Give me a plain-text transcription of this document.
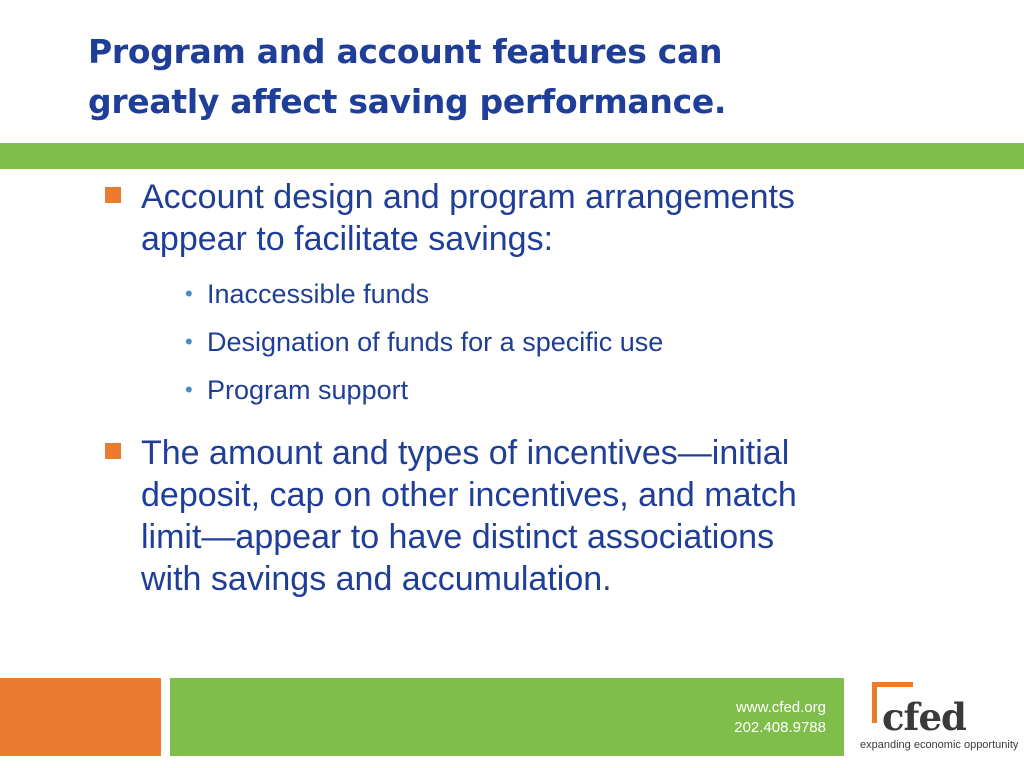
Program and account features can
greatly affect saving performance.
Account design and program arrangements
appear to facilitate savings:
• Inaccessible funds
• Designation of funds for a specific use
• Program support
The amount and types of incentives—initial
deposit, cap on other incentives, and match
limit—appear to have distinct associations
with savings and accumulation.
www.cfed.org
202.408.9788 cfed
expanding economic opportunity
